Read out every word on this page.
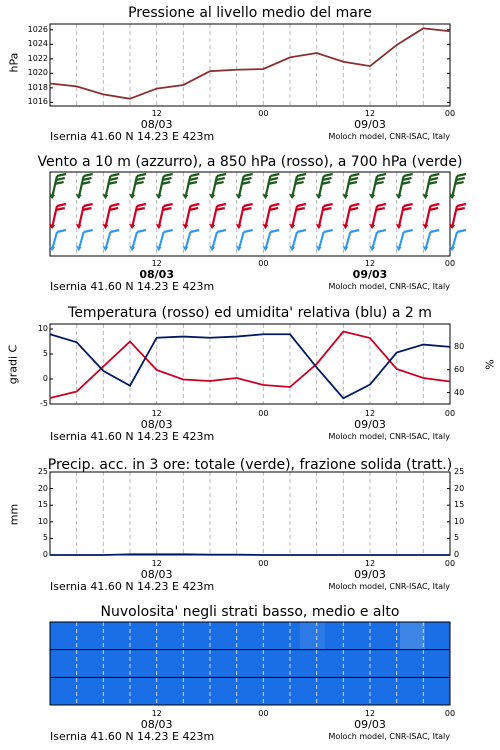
Pressione al livello medio del mare
hPa
Vento a 10 m (azzurro), a 850 hPa (rosso), a 700 hPa (verde)
Temperatura (rosso) ed umidita' relativa (blu) a 2 m
gradi C	%
Precip. acc. in 3 ore: totale (verde), frazione solida (tratt.)
mm
Nuvolosita' negli strati basso, medio e alto
1016
1018
1020
1022
1024
1026
12	00	12	00
08/03	09/03
Isernia 41.60 N 14.23 E 423m	Moloch model, CNR-ISAC, Italy
12	00	12	00
08/03	09/03
Isernia 41.60 N 14.23 E 423m	Moloch model, CNR-ISAC, Italy
-5
0
5
10
40
60
80
12	00	12	00
08/03	09/03
Isernia 41.60 N 14.23 E 423m	Moloch model, CNR-ISAC, Italy
0	0
5	5
10	10
15	15
20	20
25	25
12	00	12	00
08/03	09/03
Isernia 41.60 N 14.23 E 423m	Moloch model, CNR-ISAC, Italy
12	00	12	00
08/03	09/03
Isernia 41.60 N 14.23 E 423m	Moloch model, CNR-ISAC, Italy
